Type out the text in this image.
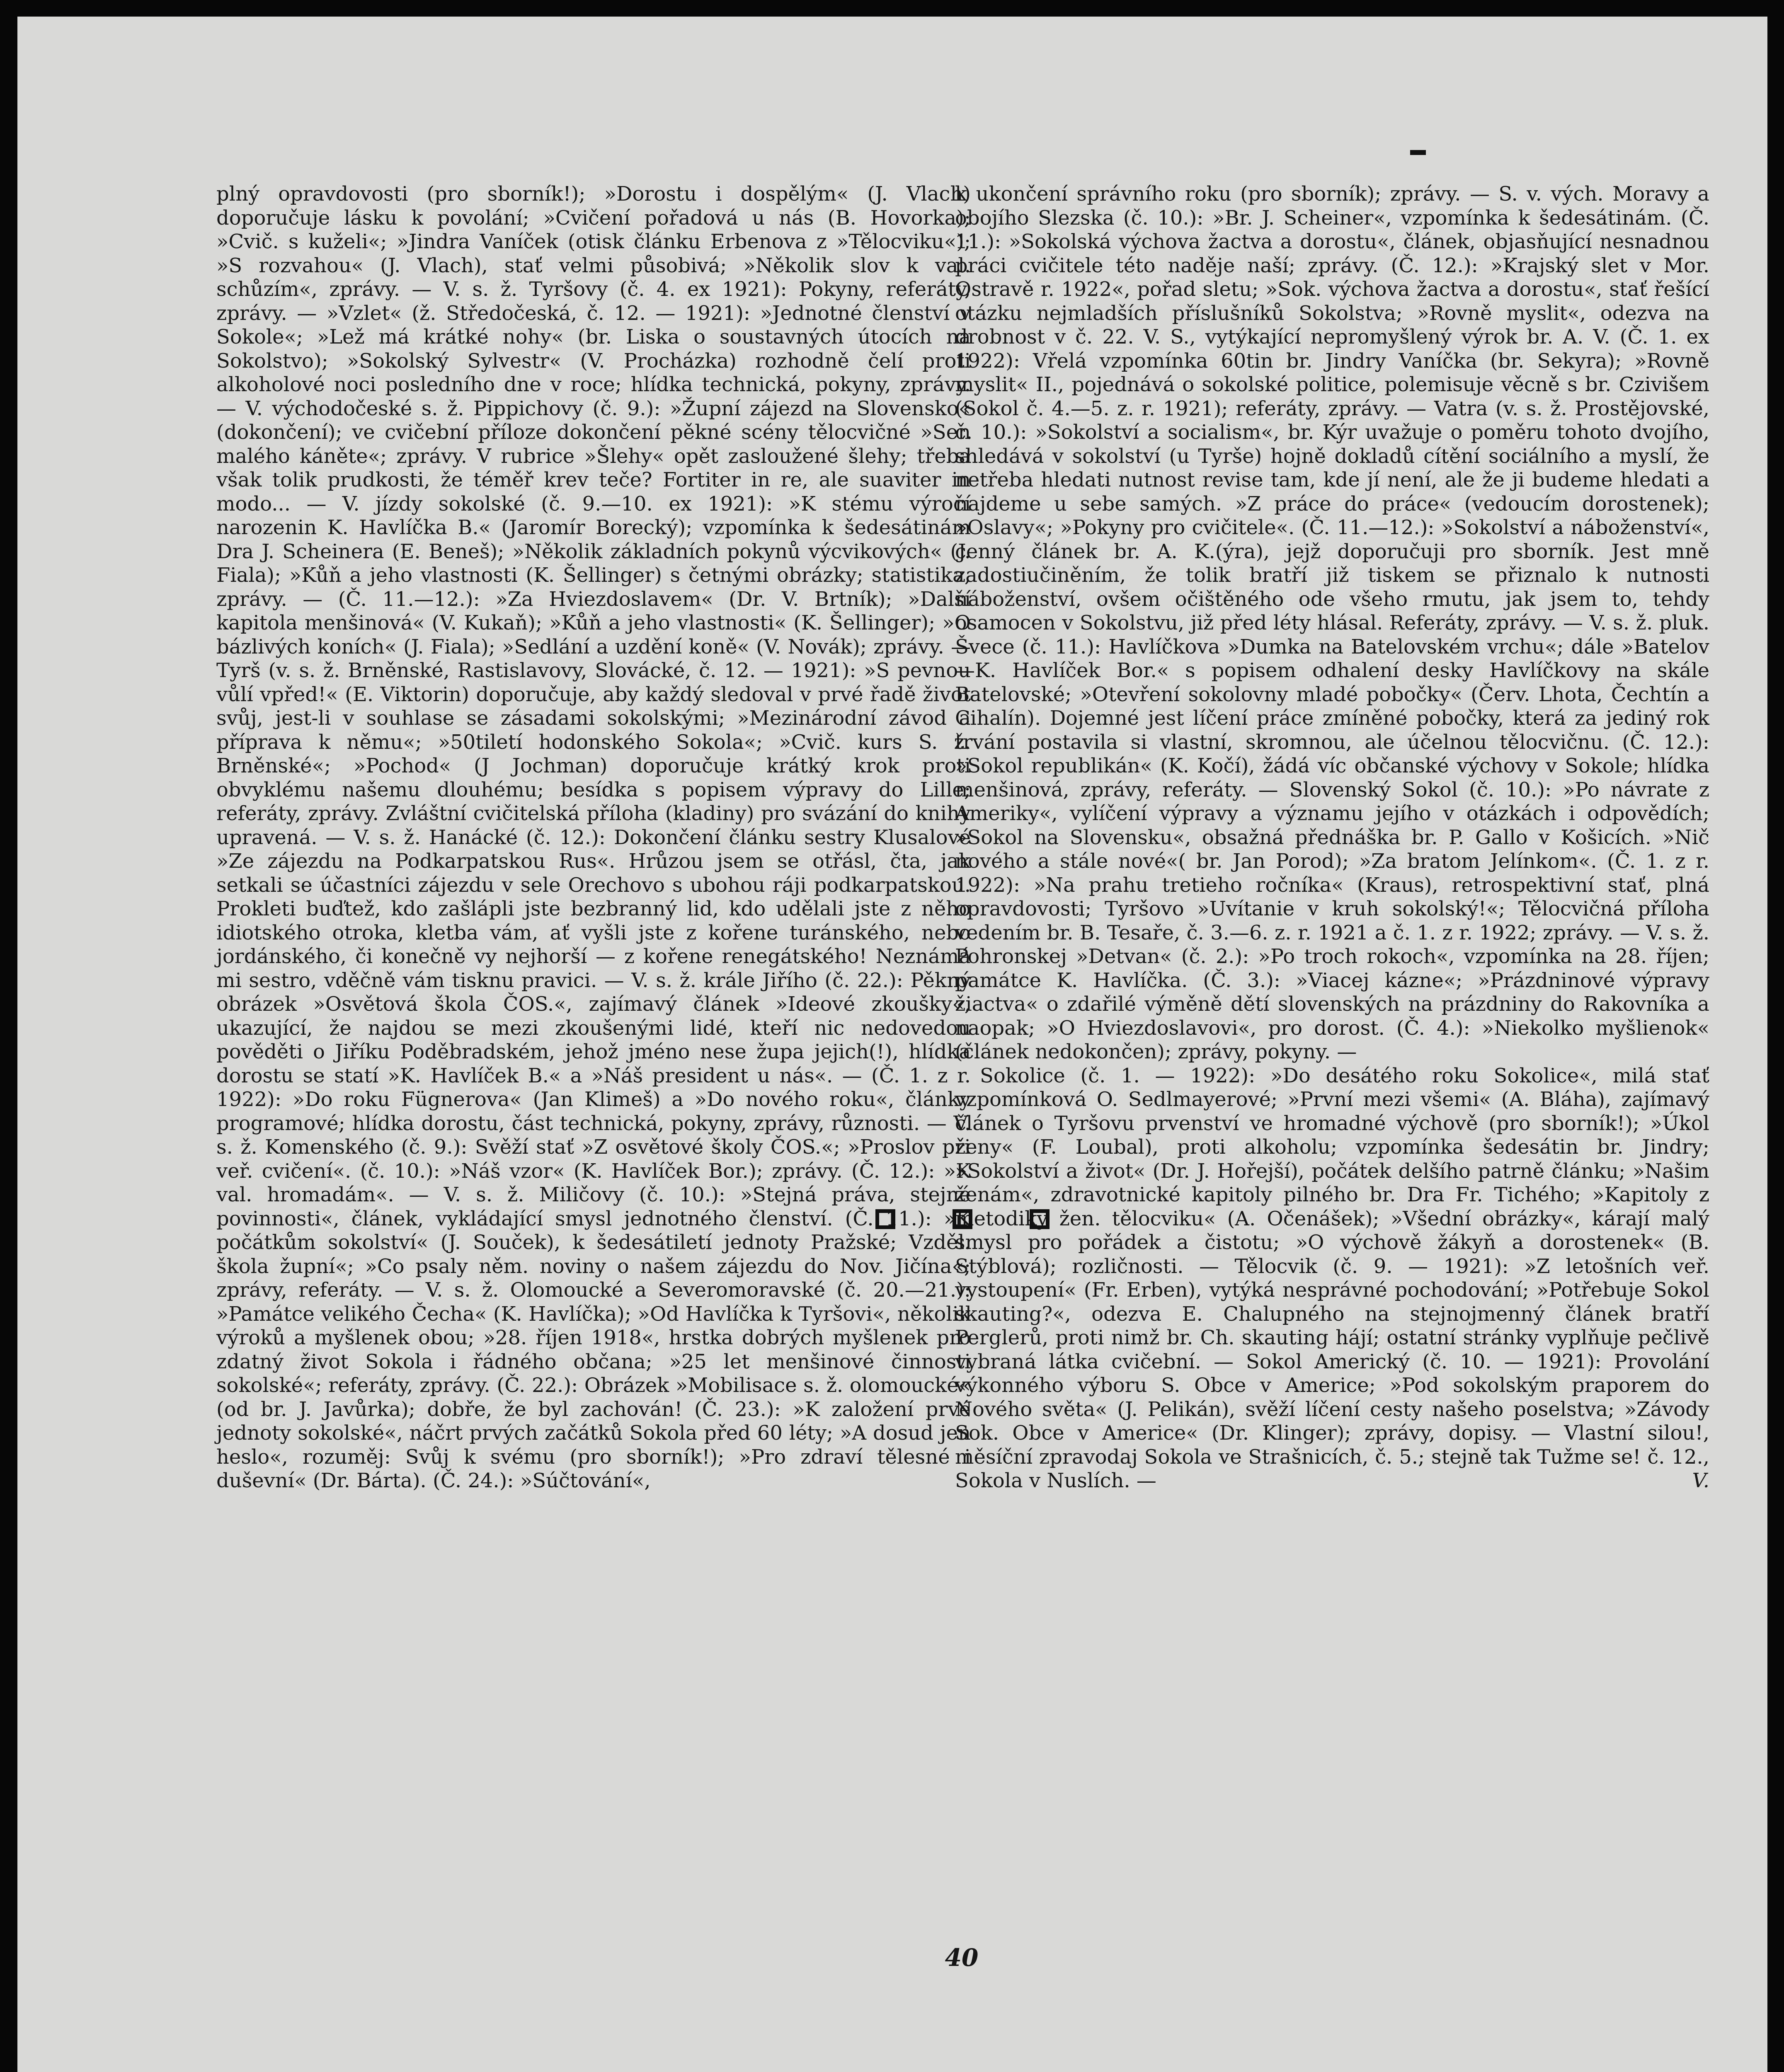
plný opravdovosti (pro sborník!); »Dorostu i dospělým« (J. Vlach) doporučuje lásku k povolání; »Cvičení pořadová u nás (B. Hovorka); »Cvič. s kuželi«; »Jindra Vaníček (otisk článku Erbenova z »Tělocviku«); »S rozvahou« (J. Vlach), stať velmi působivá; »Několik slov k val. schůzím«, zprávy. — V. s. ž. Tyršovy (č. 4. ex 1921): Pokyny, referáty, zprávy. — »Vzlet« (ž. Středočeská, č. 12. — 1921): »Jednotné členství v Sokole«; »Lež má krátké nohy« (br. Liska o soustavných útocích na Sokolstvo); »Sokolský Sylvestr« (V. Procházka) rozhodně čelí proti alkoholové noci posledního dne v roce; hlídka technická, pokyny, zprávy. — V. východočeské s. ž. Pippichovy (č. 9.): »Župní zájezd na Slovensko« (dokončení); ve cvičební příloze dokončení pěkné scény tělocvičné »Sen malého káněte«; zprávy. V rubrice »Šlehy« opět zasloužené šlehy; třeba však tolik prudkosti, že téměř krev teče? Fortiter in re, ale suaviter in modo... — V. jízdy sokolské (č. 9.—10. ex 1921): »K stému výročí narozenin K. Havlíčka B.« (Jaromír Borecký); vzpomínka k šedesátinám Dra J. Scheinera (E. Beneš); »Několik základních pokynů výcvikových« (J. Fiala); »Kůň a jeho vlastnosti (K. Šellinger) s četnými obrázky; statistika, zprávy. — (Č. 11.—12.): »Za Hviezdoslavem« (Dr. V. Brtník); »Další kapitola menšinová« (V. Kukaň); »Kůň a jeho vlastnosti« (K. Šellinger); »O bázlivých koních« (J. Fiala); »Sedlání a uzdění koně« (V. Novák); zprávy. — Tyrš (v. s. ž. Brněnské, Rastislavovy, Slovácké, č. 12. — 1921): »S pevnou vůlí vpřed!« (E. Viktorin) doporučuje, aby každý sledoval v prvé řadě život svůj, jest-li v souhlase se zásadami sokolskými; »Mezinárodní závod a příprava k němu«; »50tiletí hodonského Sokola«; »Cvič. kurs S. ž. Brněnské«; »Pochod« (J Jochman) doporučuje krátký krok proti obvyklému našemu dlouhému; besídka s popisem výpravy do Lille; referáty, zprávy. Zvláštní cvičitelská příloha (kladiny) pro svázání do knihy upravená. — V. s. ž. Hanácké (č. 12.): Dokončení článku sestry Klusalové »Ze zájezdu na Podkarpatskou Rus«. Hrůzou jsem se otřásl, čta, jak setkali se účastníci zájezdu v sele Orechovo s ubohou ráji podkarpatskou. Prokleti buďtež, kdo zašlápli jste bezbranný lid, kdo udělali jste z něho idiotského otroka, kletba vám, ať vyšli jste z kořene turánského, nebo jordánského, či konečně vy nejhorší — z kořene renegátského! Neznámá mi sestro, vděčně vám tisknu pravici. — V. s. ž. krále Jiřího (č. 22.): Pěkný obrázek »Osvětová škola ČOS.«, zajímavý článek »Ideové zkoušky«, ukazující, že najdou se mezi zkoušenými lidé, kteří nic nedovedou pověděti o Jiříku Poděbradském, jehož jméno nese župa jejich(!), hlídka dorostu se statí »K. Havlíček B.« a »Náš president u nás«. — (Č. 1. z r. 1922): »Do roku Fügnerova« (Jan Klimeš) a »Do nového roku«, články programové; hlídka dorostu, část technická, pokyny, zprávy, různosti. — V. s. ž. Komenského (č. 9.): Svěží stať »Z osvětové školy ČOS.«; »Proslov při veř. cvičení«. (č. 10.): »Náš vzor« (K. Havlíček Bor.); zprávy. (Č. 12.): »K val. hromadám«. — V. s. ž. Miličovy (č. 10.): »Stejná práva, stejné povinnosti«, článek, vykládající smysl jednotného členství. (Č. 11.): »K počátkům sokolství« (J. Souček), k šedesátiletí jednoty Pražské; Vzděl. škola župní«; »Co psaly něm. noviny o našem zájezdu do Nov. Jičína«; zprávy, referáty. — V. s. ž. Olomoucké a Severomoravské (č. 20.—21.): »Památce velikého Čecha« (K. Havlíčka); »Od Havlíčka k Tyršovi«, několik výroků a myšlenek obou; »28. říjen 1918«, hrstka dobrých myšlenek pro zdatný život Sokola i řádného občana; »25 let menšinové činnosti sokolské«; referáty, zprávy. (Č. 22.): Obrázek »Mobilisace s. ž. olomoucké« (od br. J. Javůrka); dobře, že byl zachován! (Č. 23.): »K založení prvé jednoty sokolské«, náčrt prvých začátků Sokola před 60 léty; »A dosud jen heslo«, rozuměj: Svůj k svému (pro sborník!); »Pro zdraví tělesné i duševní« (Dr. Bárta). (Č. 24.): »Súčtování«,

k ukončení správního roku (pro sborník); zprávy. — S. v. vých. Moravy a obojího Slezska (č. 10.): »Br. J. Scheiner«, vzpomínka k šedesátinám. (Č. 11.): »Sokolská výchova žactva a dorostu«, článek, objasňující nesnadnou práci cvičitele této naděje naší; zprávy. (Č. 12.): »Krajský slet v Mor. Ostravě r. 1922«, pořad sletu; »Sok. výchova žactva a dorostu«, stať řešící otázku nejmladších příslušníků Sokolstva; »Rovně myslit«, odezva na drobnost v č. 22. V. S., vytýkající nepromyšlený výrok br. A. V. (Č. 1. ex 1922): Vřelá vzpomínka 60tin br. Jindry Vaníčka (br. Sekyra); »Rovně myslit« II., pojednává o sokolské politice, polemisuje věcně s br. Czivišem (Sokol č. 4.—5. z. r. 1921); referáty, zprávy. — Vatra (v. s. ž. Prostějovské, č. 10.): »Sokolství a socialism«, br. Kýr uvažuje o poměru tohoto dvojího, shledává v sokolství (u Tyrše) hojně dokladů cítění sociálního a myslí, že netřeba hledati nutnost revise tam, kde jí není, ale že ji budeme hledati a najdeme u sebe samých. »Z práce do práce« (vedoucím dorostenek); »Oslavy«; »Pokyny pro cvičitele«. (Č. 11.—12.): »Sokolství a náboženství«, cenný článek br. A. K.(ýra), jejž doporučuji pro sborník. Jest mně zadostiučiněním, že tolik bratří již tiskem se přiznalo k nutnosti náboženství, ovšem očištěného ode všeho rmutu, jak jsem to, tehdy osamocen v Sokolstvu, již před léty hlásal. Referáty, zprávy. — V. s. ž. pluk. Švece (č. 11.): Havlíčkova »Dumka na Batelovském vrchu«; dále »Batelov—K. Havlíček Bor.« s popisem odhalení desky Havlíčkovy na skále Batelovské; »Otevření sokolovny mladé pobočky« (Červ. Lhota, Čechtín a Cihalín). Dojemné jest líčení práce zmíněné pobočky, která za jediný rok trvání postavila si vlastní, skromnou, ale účelnou tělocvičnu. (Č. 12.): »Sokol republikán« (K. Kočí), žádá víc občanské výchovy v Sokole; hlídka menšinová, zprávy, referáty. — Slovenský Sokol (č. 10.): »Po návrate z Ameriky«, vylíčení výpravy a významu jejího v otázkách i odpovědích; »Sokol na Slovensku«, obsažná přednáška br. P. Gallo v Košicích. »Nič nového a stále nové«( br. Jan Porod); »Za bratom Jelínkom«. (Č. 1. z r. 1922): »Na prahu tretieho ročníka« (Kraus), retrospektivní stať, plná opravdovosti; Tyršovo »Uvítanie v kruh sokolský!«; Tělocvičná příloha vedením br. B. Tesaře, č. 3.—6. z. r. 1921 a č. 1. z r. 1922; zprávy. — V. s. ž. Pohronskej »Detvan« (č. 2.): »Po troch rokoch«, vzpomínka na 28. říjen; památce K. Havlíčka. (Č. 3.): »Viacej kázne«; »Prázdninové výpravy žiactva« o zdařilé výměně dětí slovenských na prázdniny do Rakovníka a naopak; »O Hviezdoslavovi«, pro dorost. (Č. 4.): »Niekolko myšlienok« (článek nedokončen); zprávy, pokyny. —

Sokolice (č. 1. — 1922): »Do desátého roku Sokolice«, milá stať vzpomínková O. Sedlmayerové; »První mezi všemi« (A. Bláha), zajímavý článek o Tyršovu prvenství ve hromadné výchově (pro sborník!); »Úkol ženy« (F. Loubal), proti alkoholu; vzpomínka šedesátin br. Jindry; »Sokolství a život« (Dr. J. Hořejší), počátek delšího patrně článku; »Našim ženám«, zdravotnické kapitoly pilného br. Dra Fr. Tichého; »Kapitoly z metodiky žen. tělocviku« (A. Očenášek); »Všední obrázky«, kárají malý smysl pro pořádek a čistotu; »O výchově žákyň a dorostenek« (B. Stýblová); rozličnosti. — Tělocvik (č. 9. — 1921): »Z letošních veř. vystoupení« (Fr. Erben), vytýká nesprávné pochodování; »Potřebuje Sokol skauting?«, odezva E. Chalupného na stejnojmenný článek bratří Perglerů, proti nimž br. Ch. skauting hájí; ostatní stránky vyplňuje pečlivě vybraná látka cvičební. — Sokol Americký (č. 10. — 1921): Provolání výkonného výboru S. Obce v Americe; »Pod sokolským praporem do Nového světa« (J. Pelikán), svěží líčení cesty našeho poselstva; »Závody Sok. Obce v Americe« (Dr. Klinger); zprávy, dopisy. — Vlastní silou!, měsíční zpravodaj Sokola ve Strašnicích, č. 5.; stejně tak Tužme se! č. 12., Sokola v Nuslích. —	V.

40
